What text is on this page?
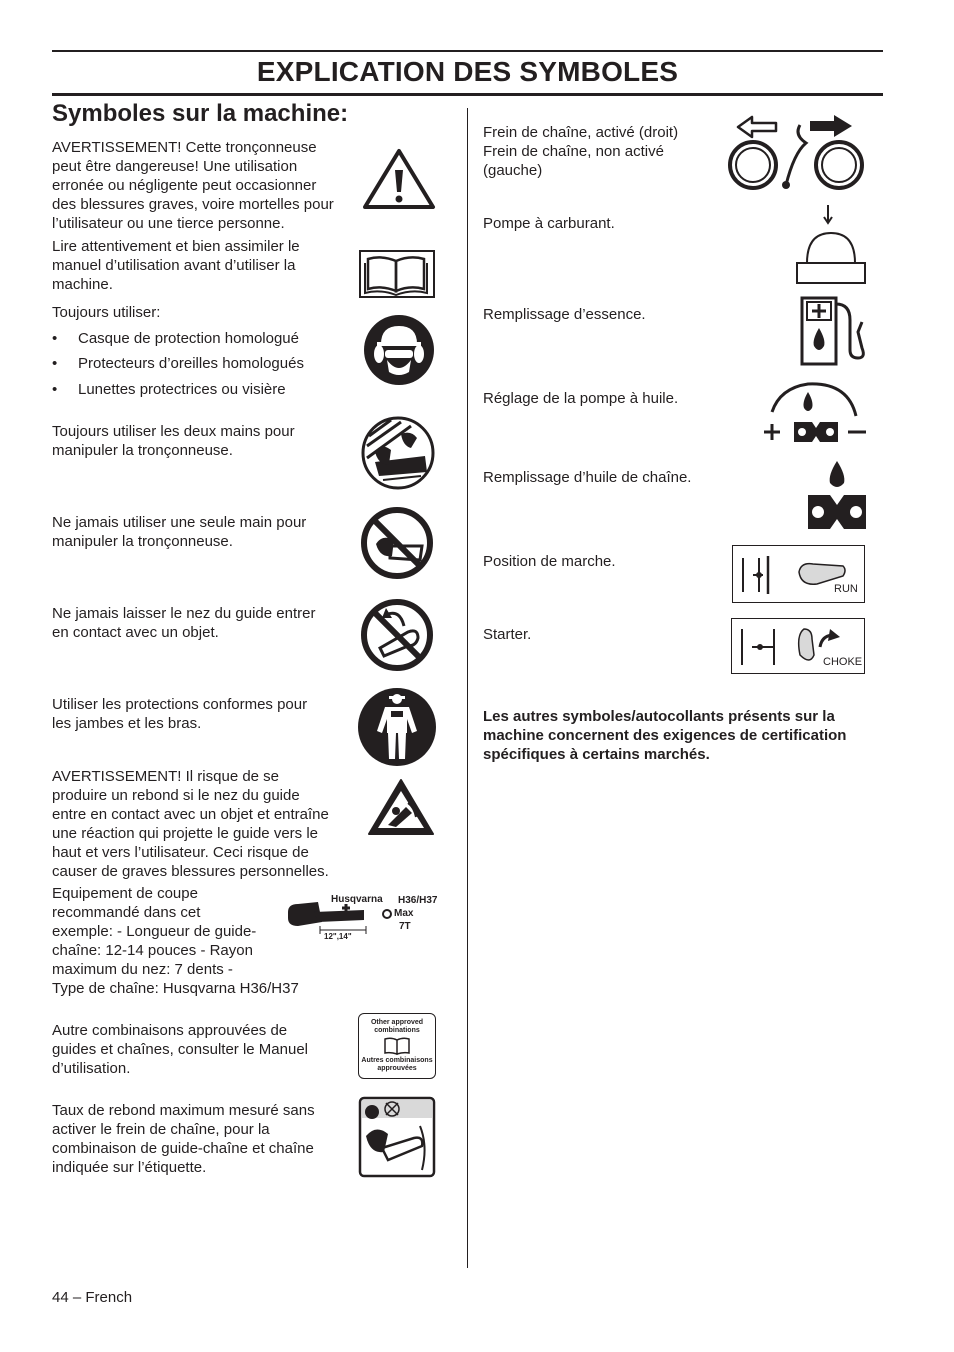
EXPLICATION DES SYMBOLES
Symboles sur la machine:
AVERTISSEMENT! Cette tronçonneuse
peut être dangereuse! Une utilisation
erronée ou négligente peut occasionner
des blessures graves, voire mortelles pour
l’utilisateur ou une tierce personne.
Lire attentivement et bien assimiler le
manuel d’utilisation avant d’utiliser la
machine.
Toujours utiliser:
• Casque de protection homologué
• Protecteurs d’oreilles homologués
• Lunettes protectrices ou visière
Toujours utiliser les deux mains pour
manipuler la tronçonneuse.
Ne jamais utiliser une seule main pour
manipuler la tronçonneuse.
Ne jamais laisser le nez du guide entrer
en contact avec un objet.
Utiliser les protections conformes pour
les jambes et les bras.
AVERTISSEMENT! Il risque de se
produire un rebond si le nez du guide
entre en contact avec un objet et entraîne
une réaction qui projette le guide vers le
haut et vers l’utilisateur. Ceci risque de
causer de graves blessures personnelles.
Equipement de coupe
recommandé dans cet
exemple: - Longueur de guide-
chaîne: 12-14 pouces - Rayon
maximum du nez: 7 dents -
Type de chaîne: Husqvarna H36/H37
Autre combinaisons approuvées de
guides et chaînes, consulter le Manuel
d’utilisation.
Taux de rebond maximum mesuré sans
activer le frein de chaîne, pour la
combinaison de guide-chaîne et chaîne
indiquée sur l’étiquette.
Husqvarna H36/H37
Max
7T
12",14"
Other approved
combinations
Autres combinaisons
approuvées
Frein de chaîne, activé (droit)
Frein de chaîne, non activé
(gauche)
Pompe à carburant.
Remplissage d’essence.
Réglage de la pompe à huile.
Remplissage d’huile de chaîne.
Position de marche.
Starter.
Les autres symboles/autocollants présents sur la
machine concernent des exigences de certification
spécifiques à certains marchés.
RUN
CHOKE
44 – French
